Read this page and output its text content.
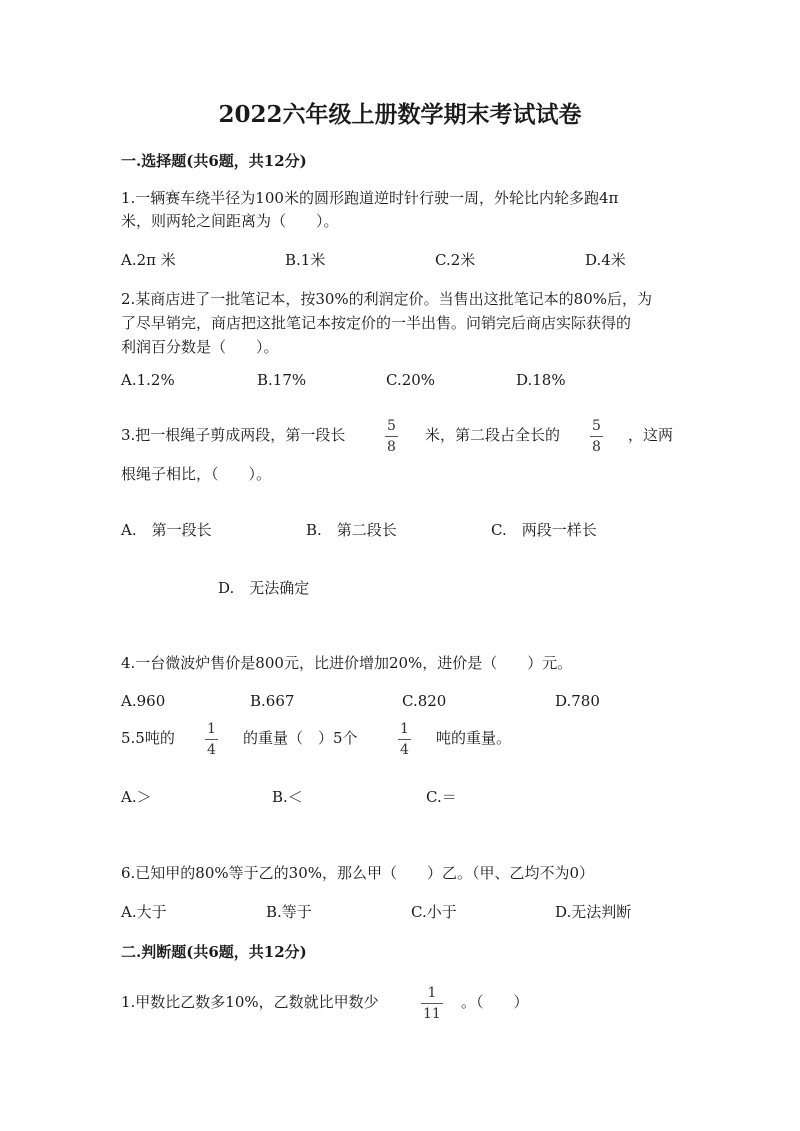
2022六年级上册数学期末考试试卷
一.选择题(共6题，共12分)
1.一辆赛车绕半径为100米的圆形跑道逆时针行驶一周，外轮比内轮多跑4π
米，则两轮之间距离为（　　）。
A.2π 米	B.1米	C.2米	D.4米
2.某商店进了一批笔记本，按30%的利润定价。当售出这批笔记本的80%后，为
了尽早销完，商店把这批笔记本按定价的一半出售。问销完后商店实际获得的
利润百分数是（　　）。
A.1.2%	B.17%	C.20%	D.18%
3.把一根绳子剪成两段，第一段长	5
8
米，第二段占全长的 5
8
，这两
根绳子相比，（　　）。
A.　第一段长	B.　第二段长	C.　两段一样长
D.　无法确定
4.一台微波炉售价是800元，比进价增加20%，进价是（　　）元。
A.960	B.667	C.820	D.780
5.5吨的 1
4
的重量（　）5个	1
4
吨的重量。
A.＞	B.＜	C.＝
6.已知甲的80%等于乙的30%，那么甲（　　）乙。（甲、乙均不为0）
A.大于	B.等于	C.小于	D.无法判断
二.判断题(共6题，共12分)
1.甲数比乙数多10%，乙数就比甲数少	1
11
。（　　）
